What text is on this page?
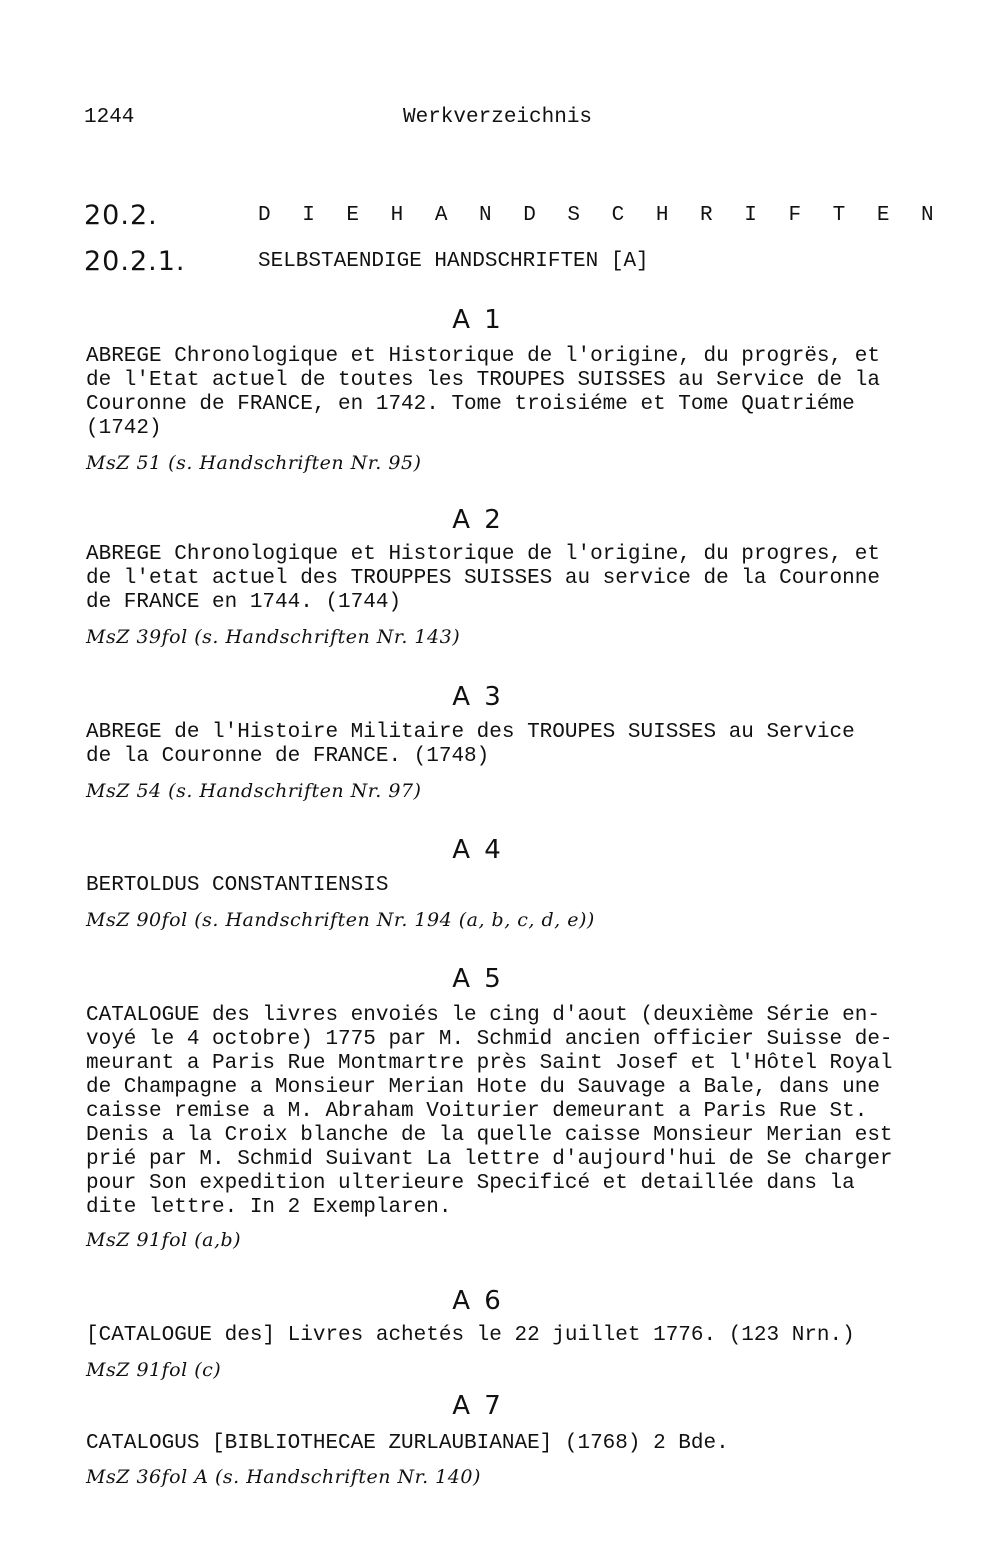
1244	Werkverzeichnis
20.2.	D I E H A N D S C H R I F T E N
20.2.1.	SELBSTAENDIGE HANDSCHRIFTEN [A]
A 1
ABREGE Chronologique et Historique de l'origine, du progrës, et
de l'Etat actuel de toutes les TROUPES SUISSES au Service de la
Couronne de FRANCE, en 1742. Tome troisiéme et Tome Quatriéme
(1742)
MsZ 51 (s. Handschriften Nr. 95)
A 2
ABREGE Chronologique et Historique de l'origine, du progres, et
de l'etat actuel des TROUPPES SUISSES au service de la Couronne
de FRANCE en 1744. (1744)
MsZ 39fol (s. Handschriften Nr. 143)
A 3
ABREGE de l'Histoire Militaire des TROUPES SUISSES au Service
de la Couronne de FRANCE. (1748)
MsZ 54 (s. Handschriften Nr. 97)
A 4
BERTOLDUS CONSTANTIENSIS
MsZ 90fol (s. Handschriften Nr. 194 (a, b, c, d, e))
A 5
CATALOGUE des livres envoiés le cing d'aout (deuxième Série en-
voyé le 4 octobre) 1775 par M. Schmid ancien officier Suisse de-
meurant a Paris Rue Montmartre près Saint Josef et l'Hôtel Royal
de Champagne a Monsieur Merian Hote du Sauvage a Bale, dans une
caisse remise a M. Abraham Voiturier demeurant a Paris Rue St.
Denis a la Croix blanche de la quelle caisse Monsieur Merian est
prié par M. Schmid Suivant La lettre d'aujourd'hui de Se charger
pour Son expedition ulterieure Specificé et detaillée dans la
dite lettre. In 2 Exemplaren.
MsZ 91fol (a,b)
A 6
[CATALOGUE des] Livres achetés le 22 juillet 1776. (123 Nrn.)
MsZ 91fol (c)
A 7
CATALOGUS [BIBLIOTHECAE ZURLAUBIANAE] (1768) 2 Bde.
MsZ 36fol A (s. Handschriften Nr. 140)
